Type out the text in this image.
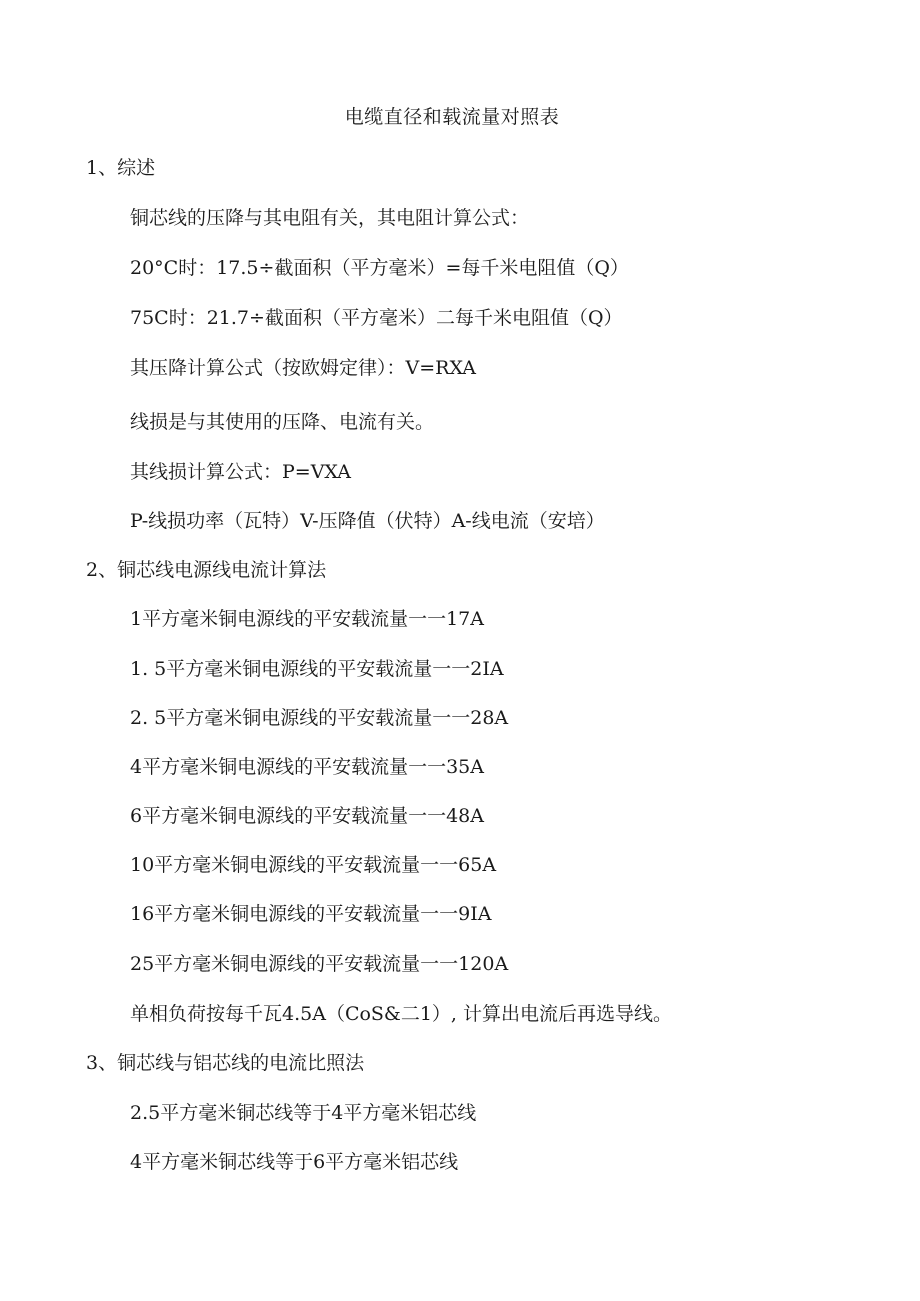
电缆直径和载流量对照表
1、综述
铜芯线的压降与其电阻有关，其电阻计算公式：
20°C时：17.5÷截面积（平方毫米）=每千米电阻值（Q）
75C时：21.7÷截面积（平方毫米）二每千米电阻值（Q）
其压降计算公式（按欧姆定律）：V=RXA
线损是与其使用的压降、电流有关。
其线损计算公式：P=VXA
P-线损功率（瓦特）V-压降值（伏特）A-线电流（安培）
2、铜芯线电源线电流计算法
1平方毫米铜电源线的平安载流量一一17A
1. 5平方毫米铜电源线的平安载流量一一2IA
2. 5平方毫米铜电源线的平安载流量一一28A
4平方毫米铜电源线的平安载流量一一35A
6平方毫米铜电源线的平安载流量一一48A
10平方毫米铜电源线的平安载流量一一65A
16平方毫米铜电源线的平安载流量一一9IA
25平方毫米铜电源线的平安载流量一一120A
单相负荷按每千瓦4.5A（CoS&二1）, 计算出电流后再选导线。
3、铜芯线与铝芯线的电流比照法
2.5平方毫米铜芯线等于4平方毫米铝芯线
4平方毫米铜芯线等于6平方毫米铝芯线
